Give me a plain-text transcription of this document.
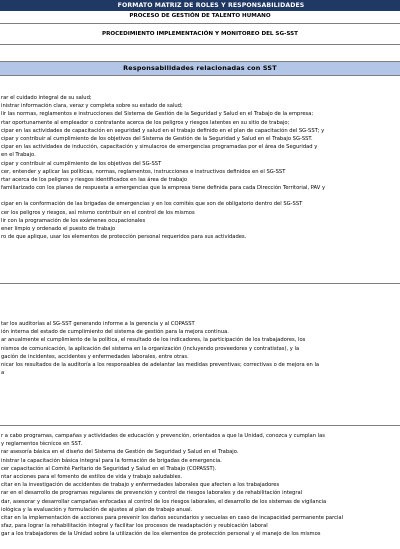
FORMATO MATRIZ DE ROLES Y RESPONSABILIDADES
PROCESO DE GESTIÓN DE TALENTO HUMANO
PROCEDIMIENTO IMPLEMENTACIÓN Y MONITOREO DEL SG-SST
Responsabilidades relacionadas con SST
rar el cuidado integral de su salud;
inistrar información clara, veraz y completa sobre su estado de salud;
lir las normas, reglamentos e instrucciones del Sistema de Gestión de la Seguridad y Salud en el Trabajo de la empresa;
rtar oportunamente al empleador o contratante acerca de los peligros y riesgos latentes en su sitio de trabajo;
cipar en las actividades de capacitación en seguridad y salud en el trabajo definido en el plan de capacitación del SG-SST; y
cipar y contribuir al cumplimiento de los objetivos del Sistema de Gestión de la Seguridad y Salud en el Trabajo SG-SST.
cipar en las actividades de inducción, capacitación y simulacros de emergencias programadas por el área de Seguridad y
en el Trabajo.
cipar y contribuir al cumplimiento de los objetivos del SG-SST
cer, entender y aplicar las políticas, normas, reglamentos, instrucciones e instructivos definidos en el SG-SST
rtar acerca de los peligros y riesgos identificados en las área de trabajo
familiarizado con los planes de respuesta a emergencias que la empresa tiene definida para cada Dirección Territorial, PAV y
cipar en la conformación de las brigadas de emergencias y en los comités que son de obligatorio dentro del SG-SST
cer los peligros y riesgos, así mismo contribuir en el control de los mismos
lir con la programación de los exámenes ocupacionales
ener limpio y ordenado el puesto de trabajo
ro de que aplique, usar los elementos de protección personal requeridos para sus actividades.
tar los auditorías al SG-SST generando informe a la gerencia y al COPASST
ión interna del estado de cumplimiento del sistema de gestión para la mejora continua.
ar anualmente el cumplimiento de la política, el resultado de los indicadores, la participación de los trabajadores, los
nismos de comunicación, la aplicación del sistema en la organización (incluyendo proveedores y contratistas), y la
gación de incidentes, accidentes y enfermedades laborales, entre otras.
nicar los resultados de la auditoría a los responsables de adelantar las medidas preventivas; correctivas o de mejora en la
a
r a cabo programas, campañas y actividades de educación y prevención, orientados a que la Unidad, conozca y cumplan las
y reglamentos técnicos en SST.
rar asesoría básica en el diseño del Sistema de Gestión de Seguridad y Salud en el Trabajo.
inistrar la capacitación básica integral para la formación de brigadas de emergencia.
cer capacitación al Comité Paritario de Seguridad y Salud en el Trabajo (COPASST).
ntar acciones para el fomento de estilos de vida y trabajo saludables.
citar en la investigación de accidentes de trabajo y enfermedades laborales que afecten a los trabajadores
rar en el desarrollo de programas regulares de prevención y control de riesgos laborales y de rehabilitación integral
dar, asesorar y desarrollar campañas enfocadas al control de los riesgos laborales, el desarrollo de los sistemas de vigilancia
iológica y la evaluación y formulación de ajustes al plan de trabajo anual.
citar en la implementación de acciones para prevenir los daños secundarios y secuelas en caso de incapacidad permanente parcial
sfaz, para lograr la rehabilitación integral y facilitar los procesos de readaptación y reubicación laboral
gar a los trabajadores de la Unidad sobre la utilización de los elementos de protección personal y el manejo de los mismos
